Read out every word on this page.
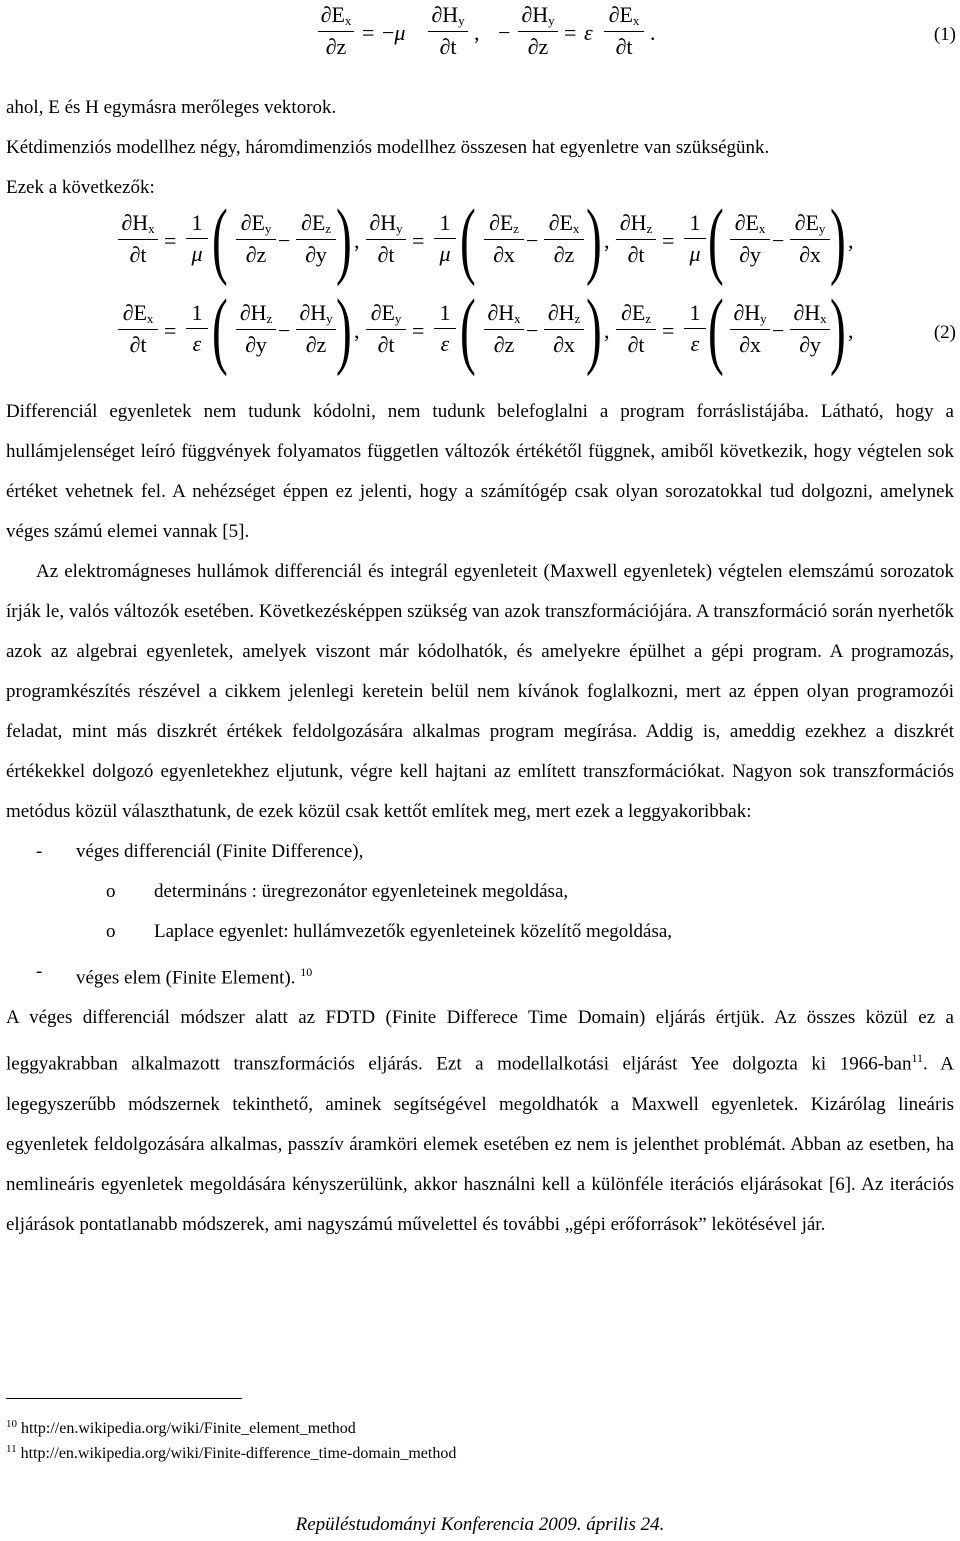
$\partial E_x$
∂z
= −μ
$\partial H_y$
∂t
, −
$\partial H_y$
∂z
= ε
$\partial E_x$
∂t
.	(1)

ahol, E és H egymásra merőleges vektorok.

Kétdimenziós modellhez négy, háromdimenziós modellhez összesen hat egyenletre van szükségünk.

Ezek a következők:

$\partial H_x$
∂t
=
1
μ ( $\partial E_y$
∂z
−
$\partial E_z$
∂y ) ,
$\partial H_y$
∂t
=
1
μ ( $\partial E_z$
∂x
−
$\partial E_x$
∂z ) ,
$\partial H_z$
∂t
=
1
μ ( $\partial E_x$
∂y
−
$\partial E_y$
∂x ) ,
$\partial E_x$
∂t
=
1
ε ( $\partial H_z$
∂y
−
$\partial H_y$
∂z ) ,
$\partial E_y$
∂t
=
1
ε ( $\partial H_x$
∂z
−
$\partial H_z$
∂x ) ,
$\partial E_z$
∂t
=
1
ε ( $\partial H_y$
∂x
−
$\partial H_x$
∂y ) ,	(2)

Differenciál egyenletek nem tudunk kódolni, nem tudunk belefoglalni a program forráslistájába. Látható, hogy a hullámjelenséget leíró függvények folyamatos független változók értékétől függnek, amiből következik, hogy végtelen sok értéket vehetnek fel. A nehézséget éppen ez jelenti, hogy a számítógép csak olyan sorozatokkal tud dolgozni, amelynek véges számú elemei vannak [5].

Az elektromágneses hullámok differenciál és integrál egyenleteit (Maxwell egyenletek) végtelen elemszámú sorozatok írják le, valós változók esetében. Következésképpen szükség van azok transzformációjára. A transzformáció során nyerhetők azok az algebrai egyenletek, amelyek viszont már kódolhatók, és amelyekre épülhet a gépi program. A programozás, programkészítés részével a cikkem jelenlegi keretein belül nem kívánok foglalkozni, mert az éppen olyan programozói feladat, mint más diszkrét értékek feldolgozására alkalmas program megírása. Addig is, ameddig ezekhez a diszkrét értékekkel dolgozó egyenletekhez eljutunk, végre kell hajtani az említett transzformációkat. Nagyon sok transzformációs metódus közül választhatunk, de ezek közül csak kettőt említek meg, mert ezek a leggyakoribbak:

- véges differenciál (Finite Difference),
o determináns : üregrezonátor egyenleteinek megoldása,
o Laplace egyenlet: hullámvezetők egyenleteinek közelítő megoldása,
- véges elem (Finite Element). $^{10}$

A véges differenciál módszer alatt az FDTD (Finite Differece Time Domain) eljárás értjük. Az összes közül ez a leggyakrabban alkalmazott transzformációs eljárás. Ezt a modellalkotási eljárást Yee dolgozta ki 1966-ban$^{11}$. A legegyszerűbb módszernek tekinthető, aminek segítségével megoldhatók a Maxwell egyenletek. Kizárólag lineáris egyenletek feldolgozására alkalmas, passzív áramköri elemek esetében ez nem is jelenthet problémát. Abban az esetben, ha nemlineáris egyenletek megoldására kényszerülünk, akkor használni kell a különféle iterációs eljárásokat [6]. Az iterációs eljárások pontatlanabb módszerek, ami nagyszámú művelettel és további „gépi erőforrások” lekötésével jár.

$^{10}$ http://en.wikipedia.org/wiki/Finite_element_method
$^{11}$ http://en.wikipedia.org/wiki/Finite-difference_time-domain_method
Repüléstudományi Konferencia 2009. április 24.
